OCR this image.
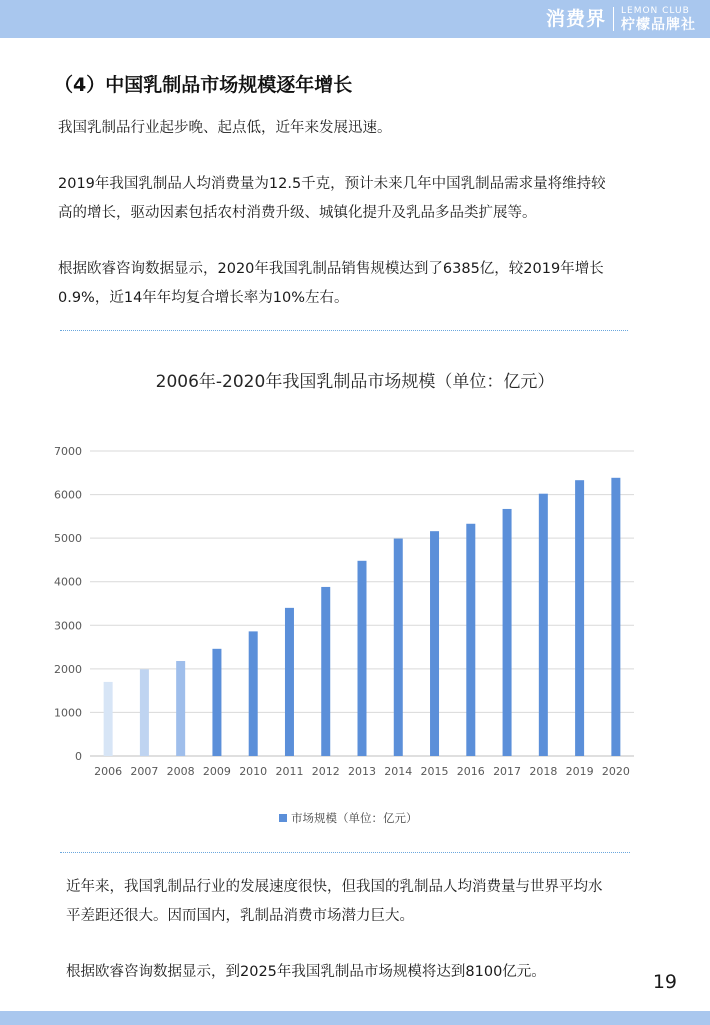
消费界 LEMON CLUB
柠檬品牌社
（4）中国乳制品市场规模逐年增长

我国乳制品行业起步晚、起点低，近年来发展迅速。

2019年我国乳制品人均消费量为12.5千克，预计未来几年中国乳制品需求量将维持较

高的增长，驱动因素包括农村消费升级、城镇化提升及乳品多品类扩展等。

根据欧睿咨询数据显示，2020年我国乳制品销售规模达到了6385亿，较2019年增长

0.9%，近14年年均复合增长率为10%左右。

2006年-2020年我国乳制品市场规模（单位：亿元）
0
1000
2000
3000
4000
5000
6000
7000
2006 2007 2008 2009 2010 2011 2012 2013 2014 2015 2016 2017 2018 2019 2020
市场规模（单位：亿元）

近年来，我国乳制品行业的发展速度很快，但我国的乳制品人均消费量与世界平均水

平差距还很大。因而国内，乳制品消费市场潜力巨大。

根据欧睿咨询数据显示，到2025年我国乳制品市场规模将达到8100亿元。	19
